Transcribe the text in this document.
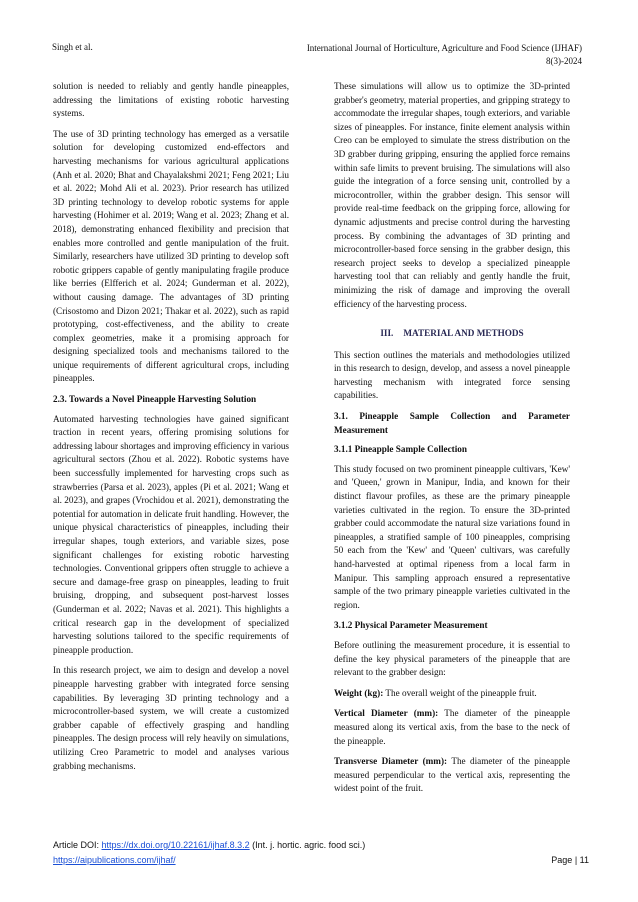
Singh et al.	International Journal of Horticulture, Agriculture and Food Science (IJHAF)
8(3)-2024

solution is needed to reliably and gently handle pineapples, addressing the limitations of existing robotic harvesting systems.

The use of 3D printing technology has emerged as a versatile solution for developing customized end-effectors and harvesting mechanisms for various agricultural applications (Anh et al. 2020; Bhat and Chayalakshmi 2021; Feng 2021; Liu et al. 2022; Mohd Ali et al. 2023). Prior research has utilized 3D printing technology to develop robotic systems for apple harvesting (Hohimer et al. 2019; Wang et al. 2023; Zhang et al. 2018), demonstrating enhanced flexibility and precision that enables more controlled and gentle manipulation of the fruit. Similarly, researchers have utilized 3D printing to develop soft robotic grippers capable of gently manipulating fragile produce like berries (Elfferich et al. 2024; Gunderman et al. 2022), without causing damage. The advantages of 3D printing (Crisostomo and Dizon 2021; Thakar et al. 2022), such as rapid prototyping, cost-effectiveness, and the ability to create complex geometries, make it a promising approach for designing specialized tools and mechanisms tailored to the unique requirements of different agricultural crops, including pineapples.

2.3. Towards a Novel Pineapple Harvesting Solution

Automated harvesting technologies have gained significant traction in recent years, offering promising solutions for addressing labour shortages and improving efficiency in various agricultural sectors (Zhou et al. 2022). Robotic systems have been successfully implemented for harvesting crops such as strawberries (Parsa et al. 2023), apples (Pi et al. 2021; Wang et al. 2023), and grapes (Vrochidou et al. 2021), demonstrating the potential for automation in delicate fruit handling. However, the unique physical characteristics of pineapples, including their irregular shapes, tough exteriors, and variable sizes, pose significant challenges for existing robotic harvesting technologies. Conventional grippers often struggle to achieve a secure and damage-free grasp on pineapples, leading to fruit bruising, dropping, and subsequent post-harvest losses (Gunderman et al. 2022; Navas et al. 2021). This highlights a critical research gap in the development of specialized harvesting solutions tailored to the specific requirements of pineapple production.

In this research project, we aim to design and develop a novel pineapple harvesting grabber with integrated force sensing capabilities. By leveraging 3D printing technology and a microcontroller-based system, we will create a customized grabber capable of effectively grasping and handling pineapples. The design process will rely heavily on simulations, utilizing Creo Parametric to model and analyses various grabbing mechanisms.

These simulations will allow us to optimize the 3D-printed grabber's geometry, material properties, and gripping strategy to accommodate the irregular shapes, tough exteriors, and variable sizes of pineapples. For instance, finite element analysis within Creo can be employed to simulate the stress distribution on the 3D grabber during gripping, ensuring the applied force remains within safe limits to prevent bruising. The simulations will also guide the integration of a force sensing unit, controlled by a microcontroller, within the grabber design. This sensor will provide real-time feedback on the gripping force, allowing for dynamic adjustments and precise control during the harvesting process. By combining the advantages of 3D printing and microcontroller-based force sensing in the grabber design, this research project seeks to develop a specialized pineapple harvesting tool that can reliably and gently handle the fruit, minimizing the risk of damage and improving the overall efficiency of the harvesting process.

III. MATERIAL AND METHODS

This section outlines the materials and methodologies utilized in this research to design, develop, and assess a novel pineapple harvesting mechanism with integrated force sensing capabilities.

3.1. Pineapple Sample Collection and Parameter Measurement
3.1.1 Pineapple Sample Collection

This study focused on two prominent pineapple cultivars, 'Kew' and 'Queen,' grown in Manipur, India, and known for their distinct flavour profiles, as these are the primary pineapple varieties cultivated in the region. To ensure the 3D-printed grabber could accommodate the natural size variations found in pineapples, a stratified sample of 100 pineapples, comprising 50 each from the 'Kew' and 'Queen' cultivars, was carefully hand-harvested at optimal ripeness from a local farm in Manipur. This sampling approach ensured a representative sample of the two primary pineapple varieties cultivated in the region.

3.1.2 Physical Parameter Measurement

Before outlining the measurement procedure, it is essential to define the key physical parameters of the pineapple that are relevant to the grabber design:

Weight (kg): The overall weight of the pineapple fruit.

Vertical Diameter (mm): The diameter of the pineapple measured along its vertical axis, from the base to the neck of the pineapple.

Transverse Diameter (mm): The diameter of the pineapple measured perpendicular to the vertical axis, representing the widest point of the fruit.

Article DOI: https://dx.doi.org/10.22161/ijhaf.8.3.2 (Int. j. hortic. agric. food sci.)
https://aipublications.com/ijhaf/	Page | 11
